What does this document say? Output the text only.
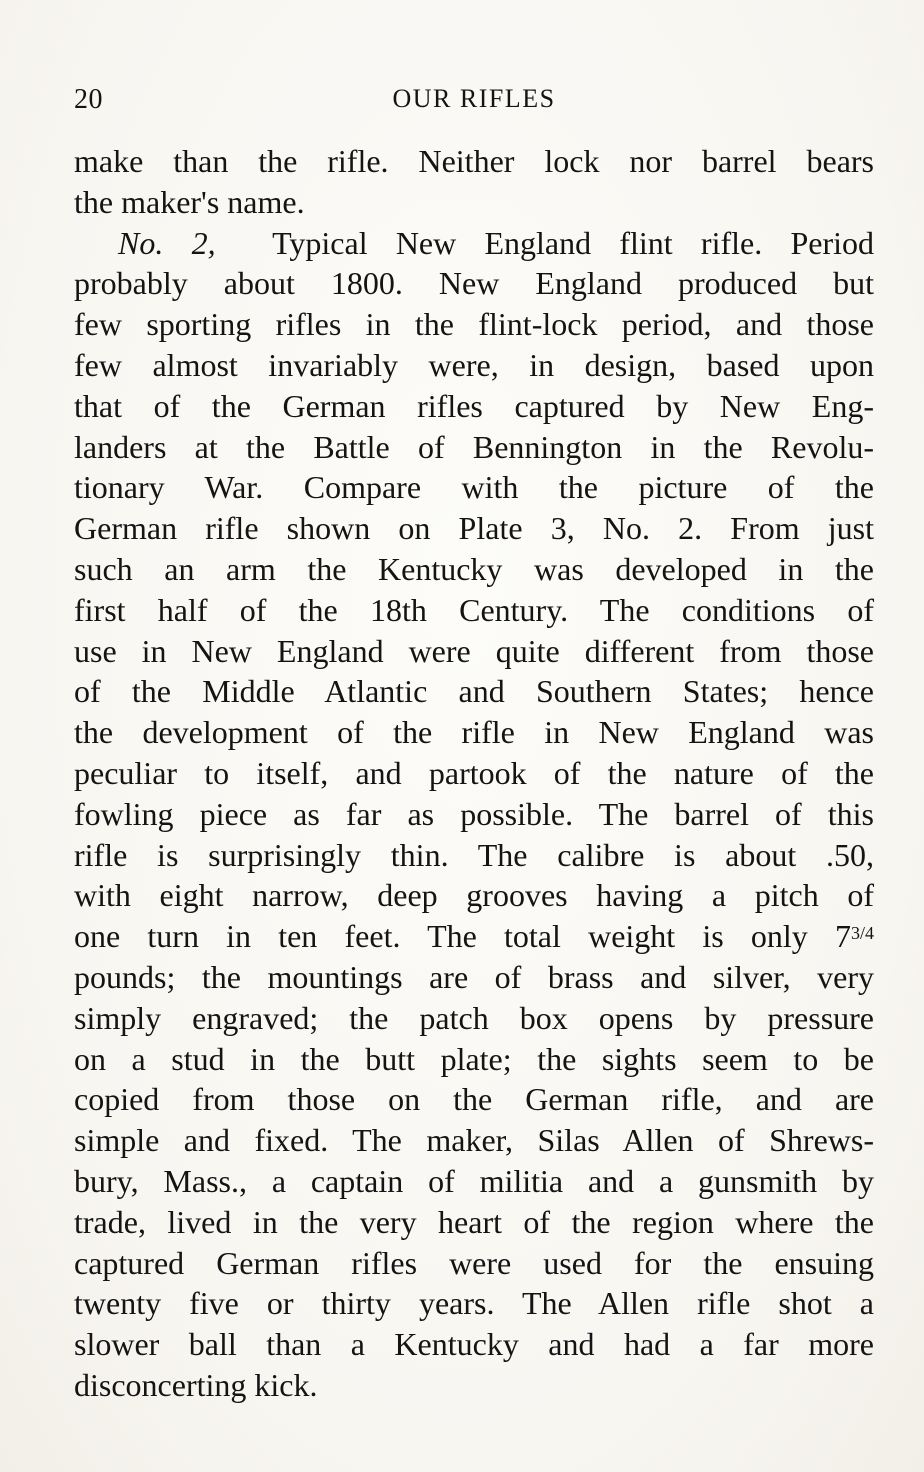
20	OUR RIFLES
make than the rifle. Neither lock nor barrel bears
the maker's name.
No. 2, Typical New England flint rifle. Period
probably about 1800. New England produced but
few sporting rifles in the flint-lock period, and those
few almost invariably were, in design, based upon
that of the German rifles captured by New Eng-
landers at the Battle of Bennington in the Revolu-
tionary War. Compare with the picture of the
German rifle shown on Plate 3, No. 2. From just
such an arm the Kentucky was developed in the
first half of the 18th Century. The conditions of
use in New England were quite different from those
of the Middle Atlantic and Southern States; hence
the development of the rifle in New England was
peculiar to itself, and partook of the nature of the
fowling piece as far as possible. The barrel of this
rifle is surprisingly thin. The calibre is about .50,
with eight narrow, deep grooves having a pitch of
one turn in ten feet. The total weight is only $7^{3/4}$
pounds; the mountings are of brass and silver, very
simply engraved; the patch box opens by pressure
on a stud in the butt plate; the sights seem to be
copied from those on the German rifle, and are
simple and fixed. The maker, Silas Allen of Shrews-
bury, Mass., a captain of militia and a gunsmith by
trade, lived in the very heart of the region where the
captured German rifles were used for the ensuing
twenty five or thirty years. The Allen rifle shot a
slower ball than a Kentucky and had a far more
disconcerting kick.
